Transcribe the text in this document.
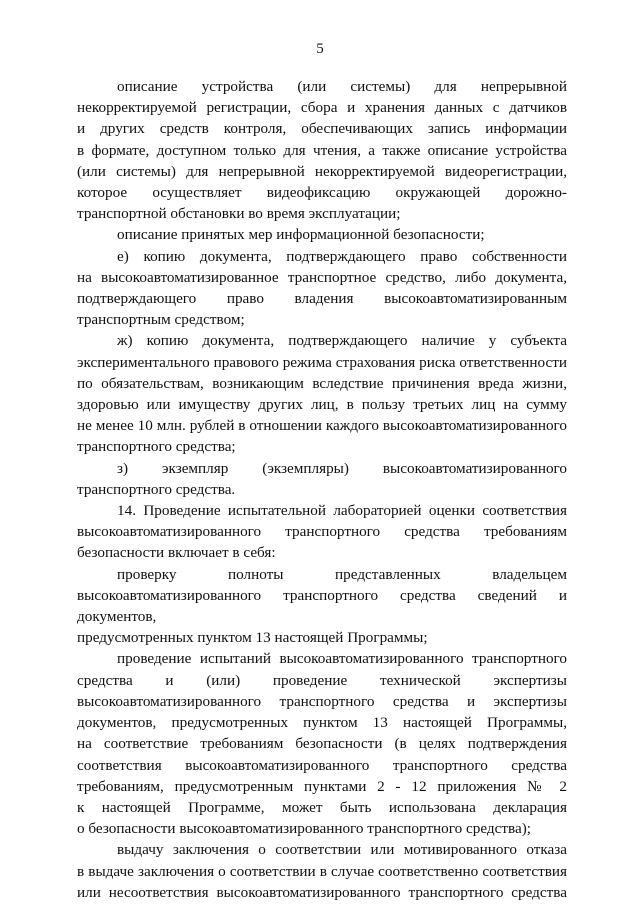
5
описание устройства (или системы) для непрерывной
некорректируемой регистрации, сбора и хранения данных с датчиков
и других средств контроля, обеспечивающих запись информации
в формате, доступном только для чтения, а также описание устройства
(или системы) для непрерывной некорректируемой видеорегистрации,
которое осуществляет видеофиксацию окружающей дорожно-
транспортной обстановки во время эксплуатации;
описание принятых мер информационной безопасности;
е) копию документа, подтверждающего право собственности
на высокоавтоматизированное транспортное средство, либо документа,
подтверждающего право владения высокоавтоматизированным
транспортным средством;
ж) копию документа, подтверждающего наличие у субъекта
экспериментального правового режима страхования риска ответственности
по обязательствам, возникающим вследствие причинения вреда жизни,
здоровью или имуществу других лиц, в пользу третьих лиц на сумму
не менее 10 млн. рублей в отношении каждого высокоавтоматизированного
транспортного средства;
з) экземпляр (экземпляры) высокоавтоматизированного
транспортного средства.
14. Проведение испытательной лабораторией оценки соответствия
высокоавтоматизированного транспортного средства требованиям
безопасности включает в себя:
проверку полноты представленных владельцем
высокоавтоматизированного транспортного средства сведений и документов,
предусмотренных пунктом 13 настоящей Программы;
проведение испытаний высокоавтоматизированного транспортного
средства и (или) проведение технической экспертизы
высокоавтоматизированного транспортного средства и экспертизы
документов, предусмотренных пунктом 13 настоящей Программы,
на соответствие требованиям безопасности (в целях подтверждения
соответствия высокоавтоматизированного транспортного средства
требованиям, предусмотренным пунктами 2 - 12 приложения № 2
к настоящей Программе, может быть использована декларация
о безопасности высокоавтоматизированного транспортного средства);
выдачу заключения о соответствии или мотивированного отказа
в выдаче заключения о соответствии в случае соответственно соответствия
или несоответствия высокоавтоматизированного транспортного средства
